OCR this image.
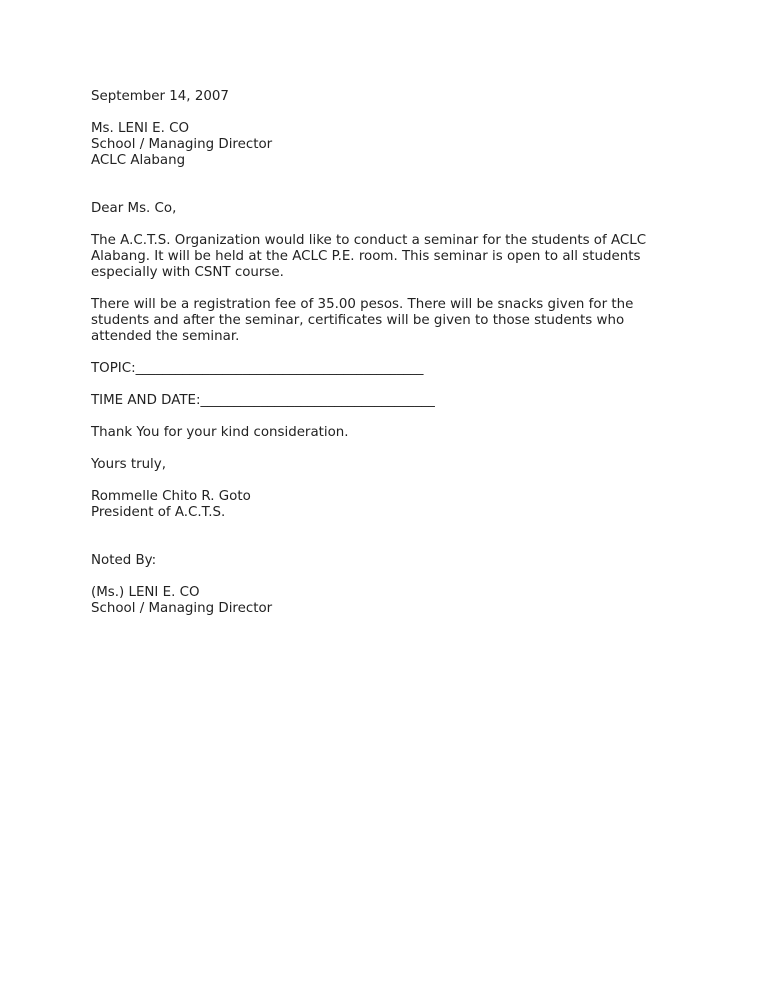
September 14, 2007
Ms. LENI E. CO
School / Managing Director
ACLC Alabang
Dear Ms. Co,
The A.C.T.S. Organization would like to conduct a seminar for the students of ACLC
Alabang. It will be held at the ACLC P.E. room. This seminar is open to all students
especially with CSNT course.
There will be a registration fee of 35.00 pesos. There will be snacks given for the
students and after the seminar, certificates will be given to those students who
attended the seminar.
TOPIC:___________________________________________
TIME AND DATE:___________________________________
Thank You for your kind consideration.
Yours truly,
Rommelle Chito R. Goto
President of A.C.T.S.
Noted By:
(Ms.) LENI E. CO
School / Managing Director
